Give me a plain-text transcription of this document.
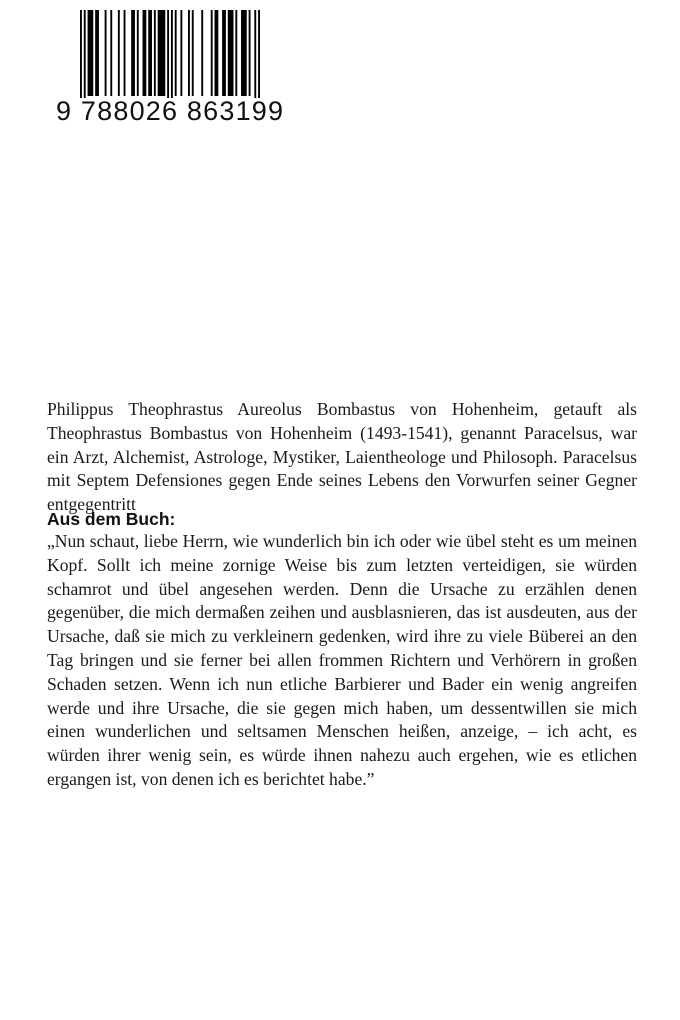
9 788026 863199
Philippus Theophrastus Aureolus Bombastus von Hohenheim, getauft als Theophrastus Bombastus von Hohenheim (1493-1541), genannt Paracelsus, war ein Arzt, Alchemist, Astrologe, Mystiker, Laientheologe und Philosoph. Paracelsus mit Septem Defensiones gegen Ende seines Lebens den Vorwurfen seiner Gegner entgegentritt
Aus dem Buch:
„Nun schaut, liebe Herrn, wie wunderlich bin ich oder wie übel steht es um meinen Kopf. Sollt ich meine zornige Weise bis zum letzten verteidigen, sie würden schamrot und übel angesehen werden. Denn die Ursache zu erzählen denen gegenüber, die mich dermaßen zeihen und ausblasnieren, das ist ausdeuten, aus der Ursache, daß sie mich zu verkleinern gedenken, wird ihre zu viele Büberei an den Tag bringen und sie ferner bei allen frommen Richtern und Verhörern in großen Schaden setzen. Wenn ich nun etliche Barbierer und Bader ein wenig angreifen werde und ihre Ursache, die sie gegen mich haben, um dessentwillen sie mich einen wunderlichen und seltsamen Menschen heißen, anzeige, – ich acht, es würden ihrer wenig sein, es würde ihnen nahezu auch ergehen, wie es etlichen ergangen ist, von denen ich es berichtet habe.”
